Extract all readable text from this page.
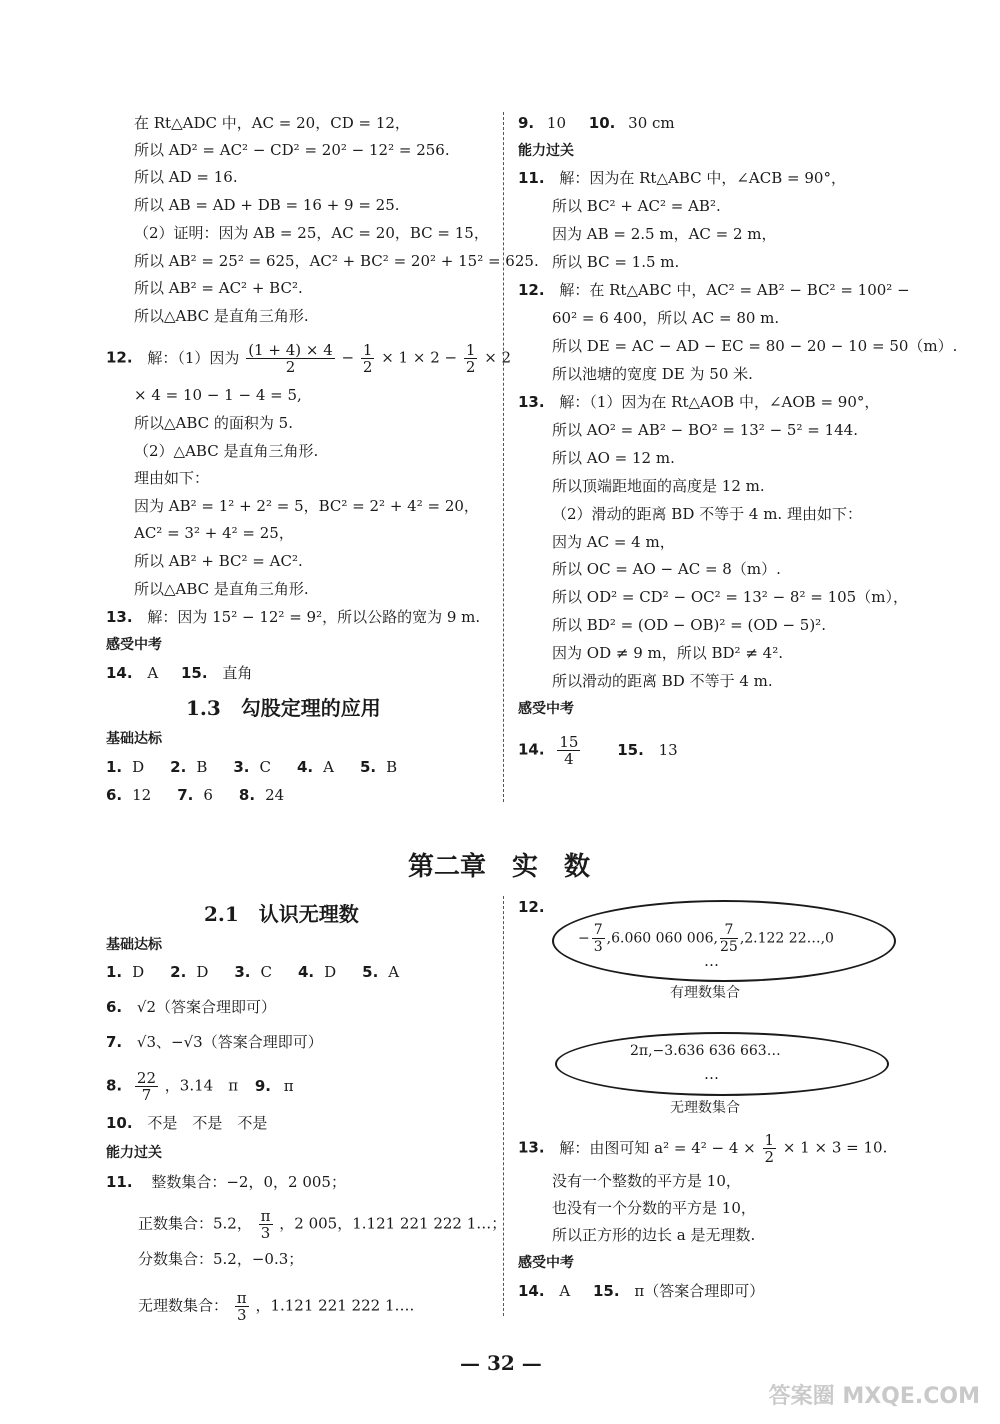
在 Rt△ADC 中，AC = 20，CD = 12，
所以 AD² = AC² − CD² = 20² − 12² = 256.
所以 AD = 16.
所以 AB = AD + DB = 16 + 9 = 25.
（2）证明：因为 AB = 25，AC = 20，BC = 15，
所以 AB² = 25² = 625，AC² + BC² = 20² + 15² = 625.
所以 AB² = AC² + BC².
所以△ABC 是直角三角形.
12. 解：（1）因为 $\frac{(1 + 4) \times 4}{2} - \frac{1}{2} \times 1 \times 2 - \frac{1}{2} \times 2$
× 4 = 10 − 1 − 4 = 5,
所以△ABC 的面积为 5.
（2）△ABC 是直角三角形.
理由如下：
因为 AB² = 1² + 2² = 5，BC² = 2² + 4² = 20，
AC² = 3² + 4² = 25，
所以 AB² + BC² = AC².
所以△ABC 是直角三角形.
13. 解：因为 15² − 12² = 9²，所以公路的宽为 9 m.
感受中考
14. A 15. 直角
1.3　勾股定理的应用
基础达标
1. D 2. B 3. C 4. A 5. B
6. 12 7. 6 8. 24
9. 10 10. 30 cm
能力过关
11. 解：因为在 Rt△ABC 中，∠ACB = 90°，
所以 BC² + AC² = AB².
因为 AB = 2.5 m，AC = 2 m，
所以 BC = 1.5 m.
12. 解：在 Rt△ABC 中，AC² = AB² − BC² = 100² −
60² = 6 400，所以 AC = 80 m.
所以 DE = AC − AD − EC = 80 − 20 − 10 = 50（m）.
所以池塘的宽度 DE 为 50 米.
13. 解：（1）因为在 Rt△AOB 中，∠AOB = 90°，
所以 AO² = AB² − BO² = 13² − 5² = 144.
所以 AO = 12 m.
所以顶端距地面的高度是 12 m.
（2）滑动的距离 BD 不等于 4 m. 理由如下：
因为 AC = 4 m，
所以 OC = AO − AC = 8（m）.
所以 OD² = CD² − OC² = 13² − 8² = 105（m），
所以 BD² = (OD − OB)² = (OD − 5)².
因为 OD ≠ 9 m，所以 BD² ≠ 4².
所以滑动的距离 BD 不等于 4 m.
感受中考
14. $\frac{15}{4} 15$. 13
第二章　实　数
2.1　认识无理数
基础达标
1. D 2. D 3. C 4. D 5. A
6. √2（答案合理即可）
7. √3、−√3（答案合理即可）
8. $\frac{22}{7}$ ，3.14　π 9. π
10. 不是　不是　不是
能力过关
11. 整数集合：−2，0，2 005；
正数集合：5.2， $\frac{\pi}{3}$ ，2 005，1.121 221 222 1…；
分数集合：5.2，−0.3；
无理数集合： $\frac{\pi}{3}$ ，1.121 221 222 1….
12.
− $\frac{7}{3} ,6.060$ 060 006, $\frac{7}{25} ,2.122$ 22…,0
…
有理数集合
2π,−3.636 636 663…
…
无理数集合
13. 解：由图可知 $a^2 = 4^2 - 4 \times \frac{1}{2} \times 1 \times 3 = 10$.
没有一个整数的平方是 10，
也没有一个分数的平方是 10，
所以正方形的边长 a 是无理数.
感受中考
14. A 15. π（答案合理即可）
— 32 —
答案圈 MXQE.COM
